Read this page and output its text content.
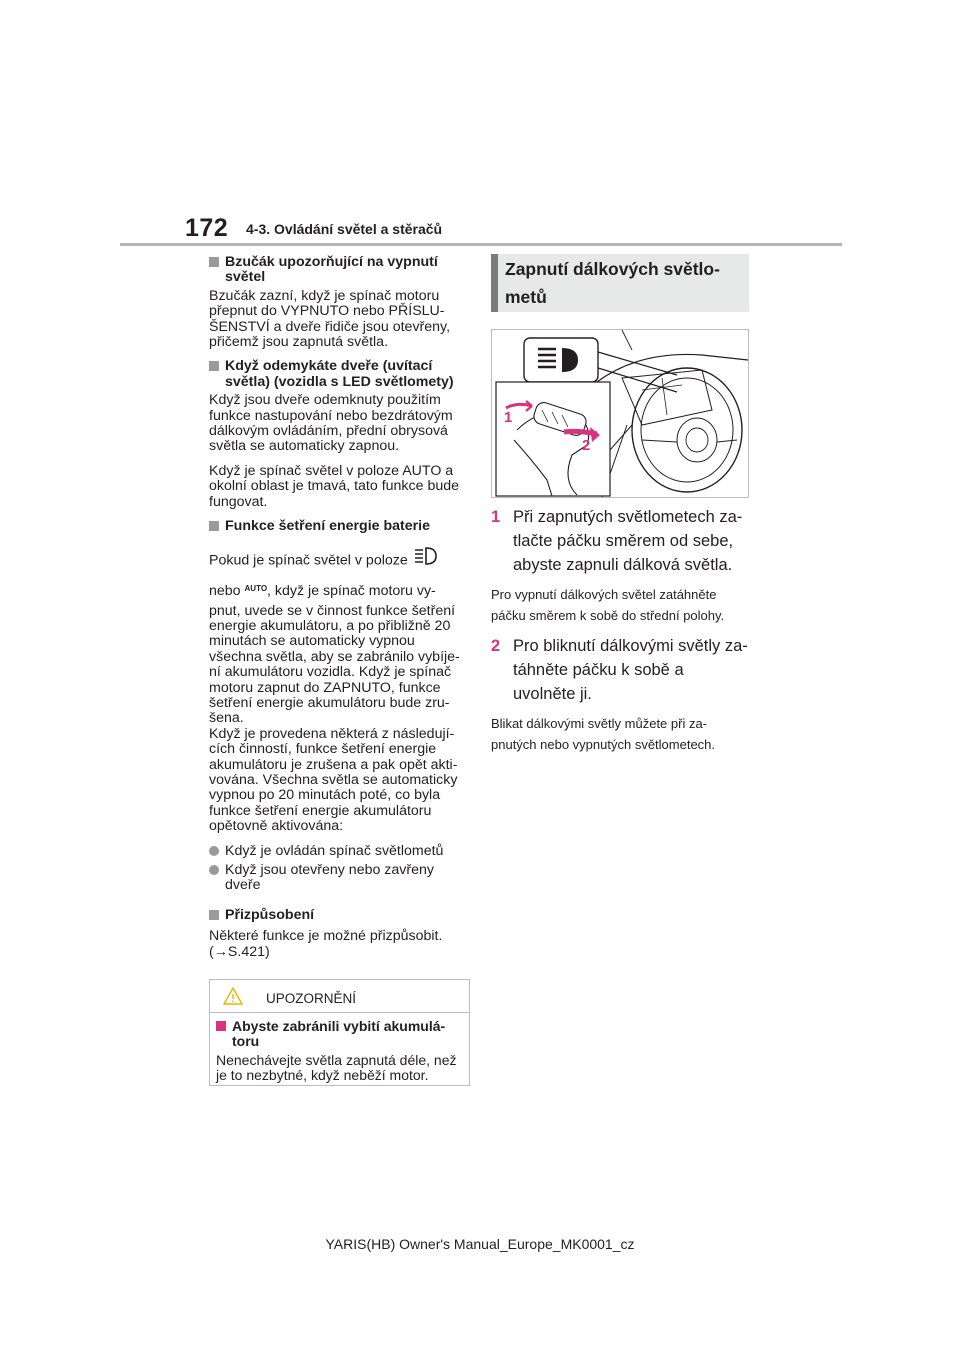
172 4-3. Ovládání světel a stěračů
Bzučák upozorňující na vypnutí světel
Bzučák zazní, když je spínač motoru přepnut do VYPNUTO nebo PŘÍSLU-ŠENSTVÍ a dveře řidiče jsou otevřeny, přičemž jsou zapnutá světla.
Když odemykáte dveře (uvítací světla) (vozidla s LED světlomety)
Když jsou dveře odemknuty použitím funkce nastupování nebo bezdrátovým dálkovým ovládáním, přední obrysová světla se automaticky zapnou.
Když je spínač světel v poloze AUTO a okolní oblast je tmavá, tato funkce bude fungovat.
Funkce šetření energie baterie
Pokud je spínač světel v poloze
nebo AUTO, když je spínač motoru vy-
pnut, uvede se v činnost funkce šetření energie akumulátoru, a po přibližně 20 minutách se automaticky vypnou všechna světla, aby se zabránilo vybíje-ní akumulátoru vozidla. Když je spínač motoru zapnut do ZAPNUTO, funkce šetření energie akumulátoru bude zru-šena.
Když je provedena některá z následují-cích činností, funkce šetření energie akumulátoru je zrušena a pak opět akti-vována. Všechna světla se automaticky vypnou po 20 minutách poté, co byla funkce šetření energie akumulátoru opětovně aktivována:
Když je ovládán spínač světlometů
Když jsou otevřeny nebo zavřeny dveře
Přizpůsobení
Některé funkce je možné přizpůsobit.
(→S.421)
UPOZORNĚNÍ
Abyste zabránili vybití akumulá-toru
Nenechávejte světla zapnutá déle, než je to nezbytné, když neběží motor.
Zapnutí dálkových světlo-metů
1
2
1 Při zapnutých světlometech za-tlačte páčku směrem od sebe, abyste zapnuli dálková světla.
Pro vypnutí dálkových světel zatáhněte páčku směrem k sobě do střední polohy.
2 Pro bliknutí dálkovými světly za-táhněte páčku k sobě a uvolněte ji.
Blikat dálkovými světly můžete při za-pnutých nebo vypnutých světlometech.
YARIS(HB) Owner's Manual_Europe_MK0001_cz
